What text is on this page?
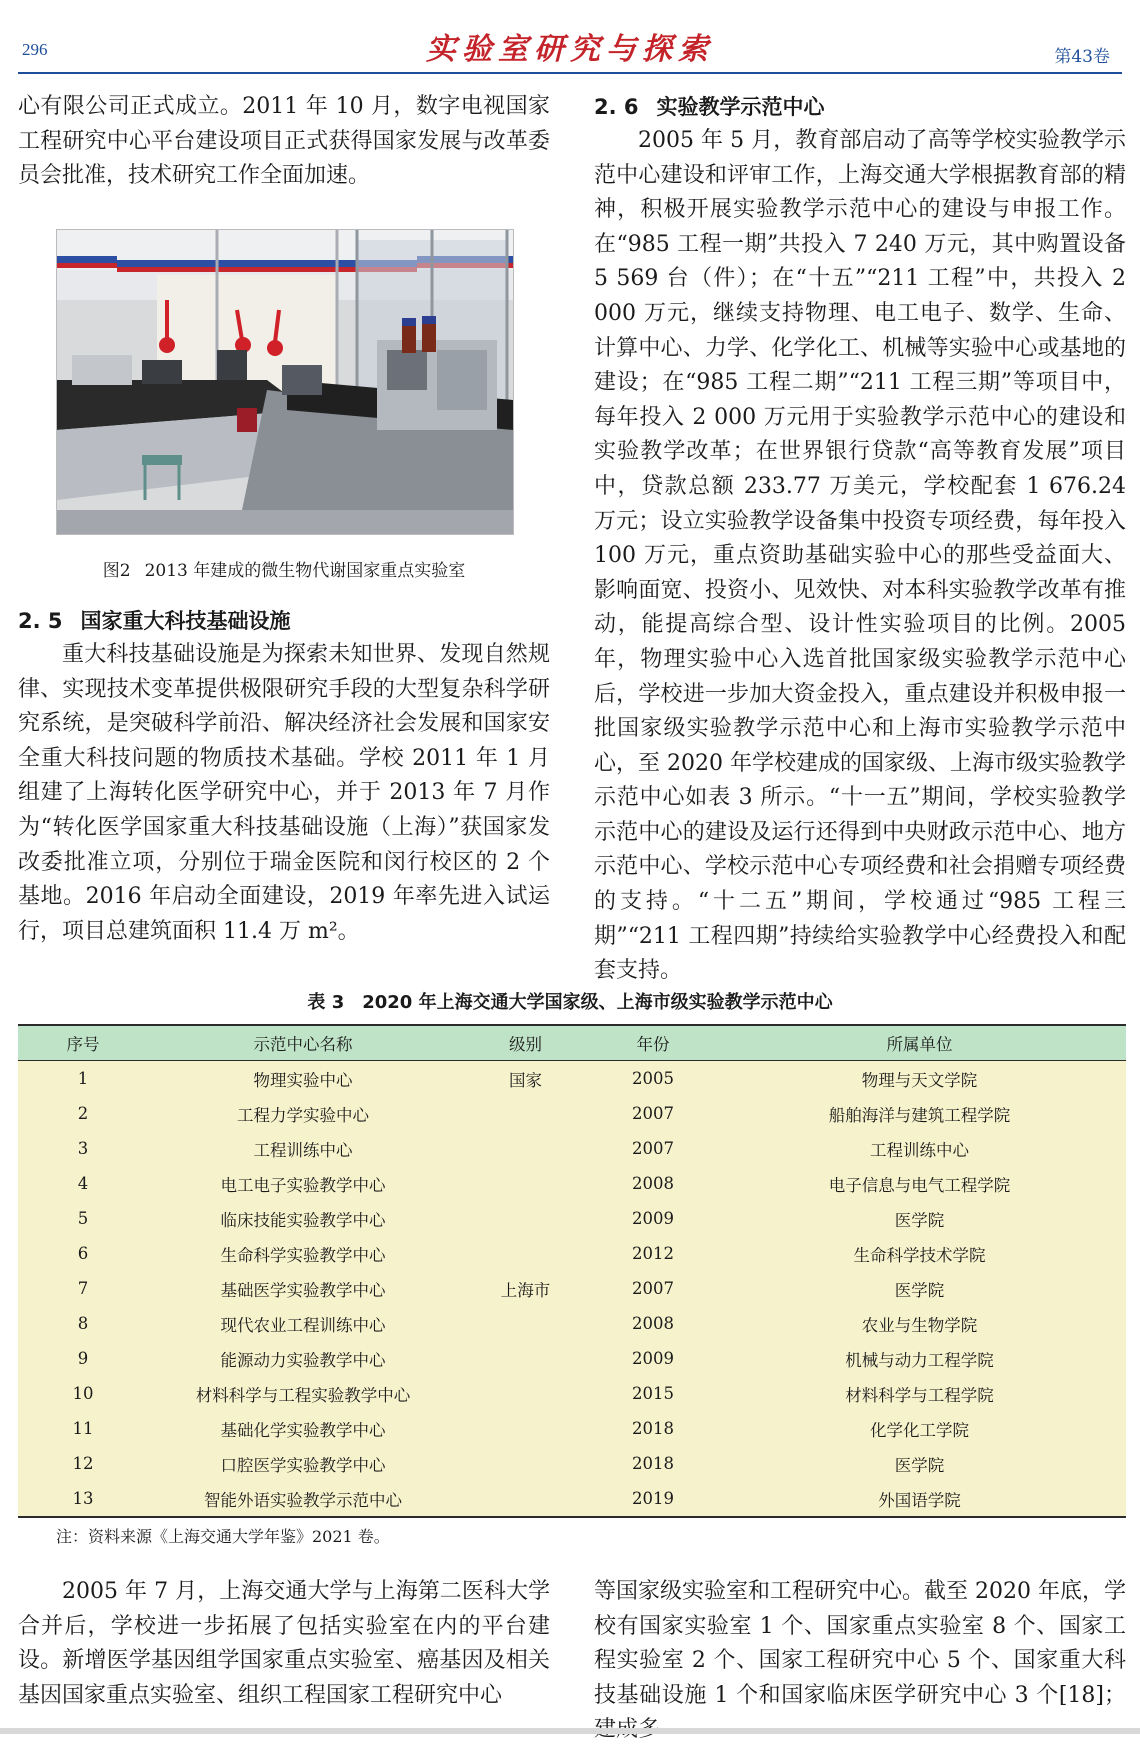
296	实验室研究与探索	第43卷

心有限公司正式成立。2011 年 10 月，数字电视国家工程研究中心平台建设项目正式获得国家发展与改革委员会批准，技术研究工作全面加速。

图2 2013 年建成的微生物代谢国家重点实验室
2. 5 国家重大科技基础设施

重大科技基础设施是为探索未知世界、发现自然规律、实现技术变革提供极限研究手段的大型复杂科学研究系统，是突破科学前沿、解决经济社会发展和国家安全重大科技问题的物质技术基础。学校 2011 年 1 月组建了上海转化医学研究中心，并于 2013 年 7 月作为“转化医学国家重大科技基础设施（上海）”获国家发改委批准立项，分别位于瑞金医院和闵行校区的 2 个基地。2016 年启动全面建设，2019 年率先进入试运行，项目总建筑面积 11.4 万 m²。

2. 6 实验教学示范中心

2005 年 5 月，教育部启动了高等学校实验教学示范中心建设和评审工作，上海交通大学根据教育部的精神，积极开展实验教学示范中心的建设与申报工作。在“985 工程一期”共投入 7 240 万元，其中购置设备 5 569 台（件）；在“十五”“211 工程”中，共投入 2 000 万元，继续支持物理、电工电子、数学、生命、计算中心、力学、化学化工、机械等实验中心或基地的建设；在“985 工程二期”“211 工程三期”等项目中，每年投入 2 000 万元用于实验教学示范中心的建设和实验教学改革；在世界银行贷款“高等教育发展”项目中，贷款总额 233.77 万美元，学校配套 1 676.24 万元；设立实验教学设备集中投资专项经费，每年投入 100 万元，重点资助基础实验中心的那些受益面大、影响面宽、投资小、见效快、对本科实验教学改革有推动，能提高综合型、设计性实验项目的比例。2005 年，物理实验中心入选首批国家级实验教学示范中心后，学校进一步加大资金投入，重点建设并积极申报一批国家级实验教学示范中心和上海市实验教学示范中心，至 2020 年学校建成的国家级、上海市级实验教学示范中心如表 3 所示。“十一五”期间，学校实验教学示范中心的建设及运行还得到中央财政示范中心、地方示范中心、学校示范中心专项经费和社会捐赠专项经费的支持。“十二五”期间，学校通过“985 工程三期”“211 工程四期”持续给实验教学中心经费投入和配套支持。

表 3　2020 年上海交通大学国家级、上海市级实验教学示范中心
序号	示范中心名称	级别	年份	所属单位
1	物理实验中心	国家	2005	物理与天文学院
2	工程力学实验中心		2007	船舶海洋与建筑工程学院
3	工程训练中心		2007	工程训练中心
4	电工电子实验教学中心		2008	电子信息与电气工程学院
5	临床技能实验教学中心		2009	医学院
6	生命科学实验教学中心		2012	生命科学技术学院
7	基础医学实验教学中心	上海市	2007	医学院
8	现代农业工程训练中心		2008	农业与生物学院
9	能源动力实验教学中心		2009	机械与动力工程学院
10	材料科学与工程实验教学中心		2015	材料科学与工程学院
11	基础化学实验教学中心		2018	化学化工学院
12	口腔医学实验教学中心		2018	医学院
13	智能外语实验教学示范中心		2019	外国语学院
注：资料来源《上海交通大学年鉴》2021 卷。

2005 年 7 月，上海交通大学与上海第二医科大学合并后，学校进一步拓展了包括实验室在内的平台建设。新增医学基因组学国家重点实验室、癌基因及相关基因国家重点实验室、组织工程国家工程研究中心

等国家级实验室和工程研究中心。截至 2020 年底，学校有国家实验室 1 个、国家重点实验室 8 个、国家工程实验室 2 个、国家工程研究中心 5 个、国家重大科技基础设施 1 个和国家临床医学研究中心 3 个[18]；
